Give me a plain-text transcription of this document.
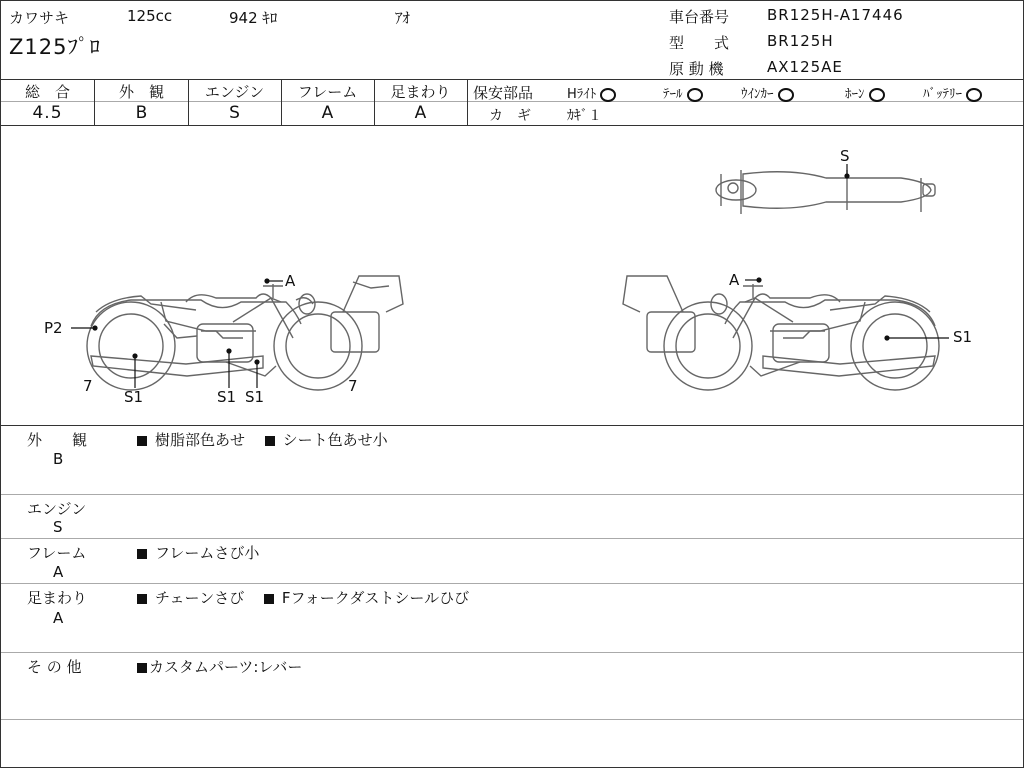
カワサキ	125cc	942 ｷﾛ	ｱｵ
Z125ﾌﾟﾛ
車台番号	BR125H-A17446
型　　式	BR125H
原 動 機	AX125AE
総　合	外　観	エンジン	フレーム	足まわり
4.5	B	S	A	A
保安部品	Hﾗｲﾄ	ﾃｰﾙ	ｳｲﾝｶｰ	ﾎｰﾝ	ﾊﾞｯﾃﾘｰ
カ　ギ	ｶｷﾞ１
S
A
P2
7
S1	S1 S1
7
A
S1
外　　観
B
樹脂部色あせ	シート色あせ小
エンジン
S
フレーム
A
フレームさび小
足まわり
A
チェーンさび	Fフォークダストシールひび
そ の 他	カスタムパーツ:レバー
